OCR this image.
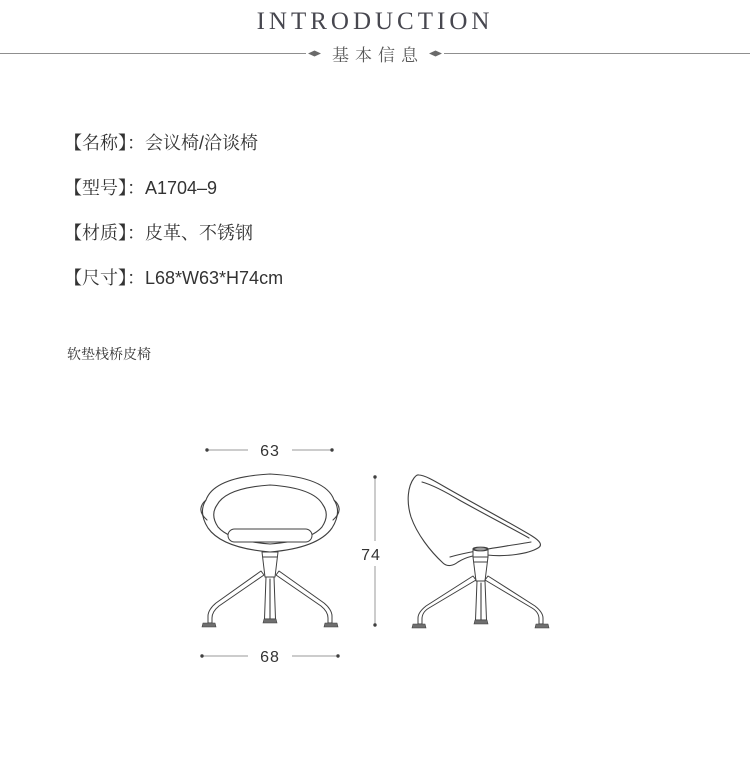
INTRODUCTION
基本信息
【名称】：会议椅/洽谈椅
【型号】：A1704–9
【材质】：皮革、不锈钢
【尺寸】：L68*W63*H74cm
软垫栈桥皮椅
63
74
68
